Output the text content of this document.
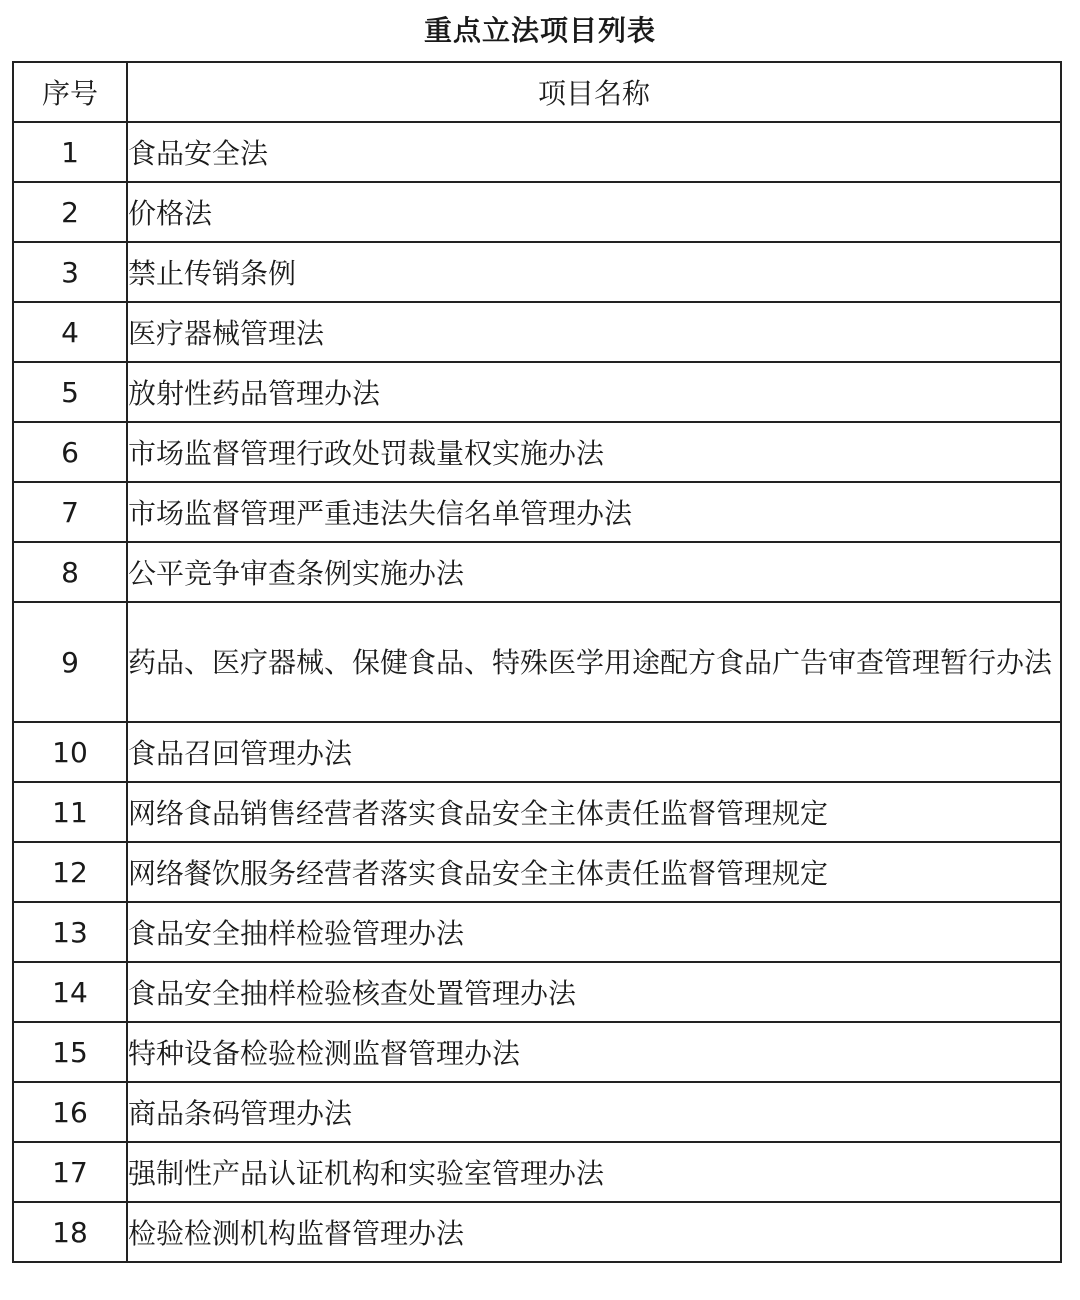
重点立法项目列表
序号	项目名称
1	食品安全法
2	价格法
3	禁止传销条例
4	医疗器械管理法
5	放射性药品管理办法
6	市场监督管理行政处罚裁量权实施办法
7	市场监督管理严重违法失信名单管理办法
8	公平竞争审查条例实施办法
9	药品、医疗器械、保健食品、特殊医学用途配方食品广告审查管理暂行办法
10	食品召回管理办法
11	网络食品销售经营者落实食品安全主体责任监督管理规定
12	网络餐饮服务经营者落实食品安全主体责任监督管理规定
13	食品安全抽样检验管理办法
14	食品安全抽样检验核查处置管理办法
15	特种设备检验检测监督管理办法
16	商品条码管理办法
17	强制性产品认证机构和实验室管理办法
18	检验检测机构监督管理办法
